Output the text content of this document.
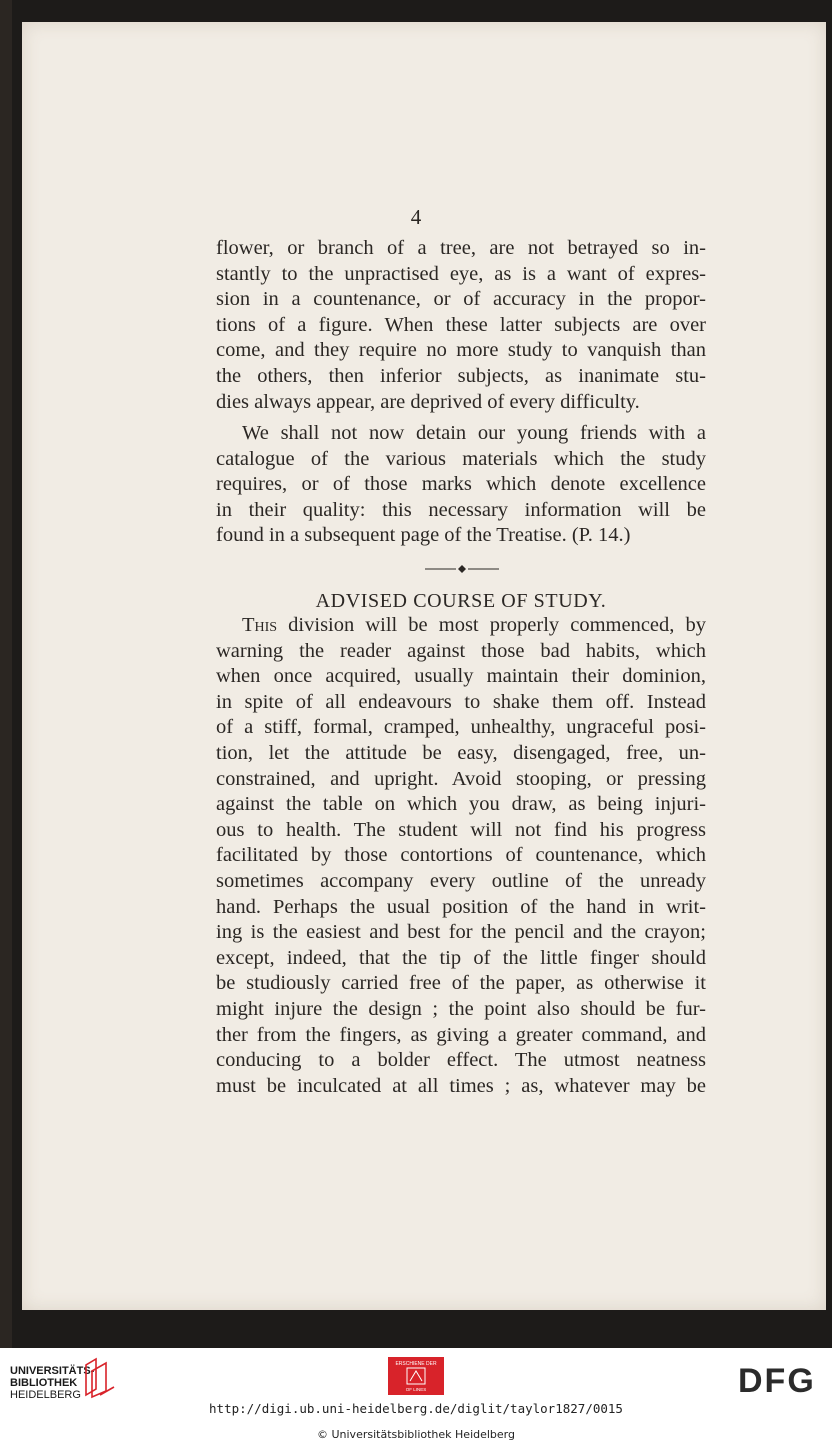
4
flower, or branch of a tree, are not betrayed so in-
stantly to the unpractised eye, as is a want of expres-
sion in a countenance, or of accuracy in the propor-
tions of a figure. When these latter subjects are over
come, and they require no more study to vanquish than
the others, then inferior subjects, as inanimate stu-
dies always appear, are deprived of every difficulty.
We shall not now detain our young friends with a
catalogue of the various materials which the study
requires, or of those marks which denote excellence
in their quality: this necessary information will be
found in a subsequent page of the Treatise. (P. 14.)
ADVISED COURSE OF STUDY.
This division will be most properly commenced, by
warning the reader against those bad habits, which
when once acquired, usually maintain their dominion,
in spite of all endeavours to shake them off. Instead
of a stiff, formal, cramped, unhealthy, ungraceful posi-
tion, let the attitude be easy, disengaged, free, un-
constrained, and upright. Avoid stooping, or pressing
against the table on which you draw, as being injuri-
ous to health. The student will not find his progress
facilitated by those contortions of countenance, which
sometimes accompany every outline of the unready
hand. Perhaps the usual position of the hand in writ-
ing is the easiest and best for the pencil and the crayon;
except, indeed, that the tip of the little finger should
be studiously carried free of the paper, as otherwise it
might injure the design ; the point also should be fur-
ther from the fingers, as giving a greater command, and
conducing to a bolder effect. The utmost neatness
must be inculcated at all times ; as, whatever may be
UNIVERSITÄTS-
BIBLIOTHEK
HEIDELBERG
ERSCHIENE DER
OF LINES	DFG
http://digi.ub.uni-heidelberg.de/diglit/taylor1827/0015
© Universitätsbibliothek Heidelberg
